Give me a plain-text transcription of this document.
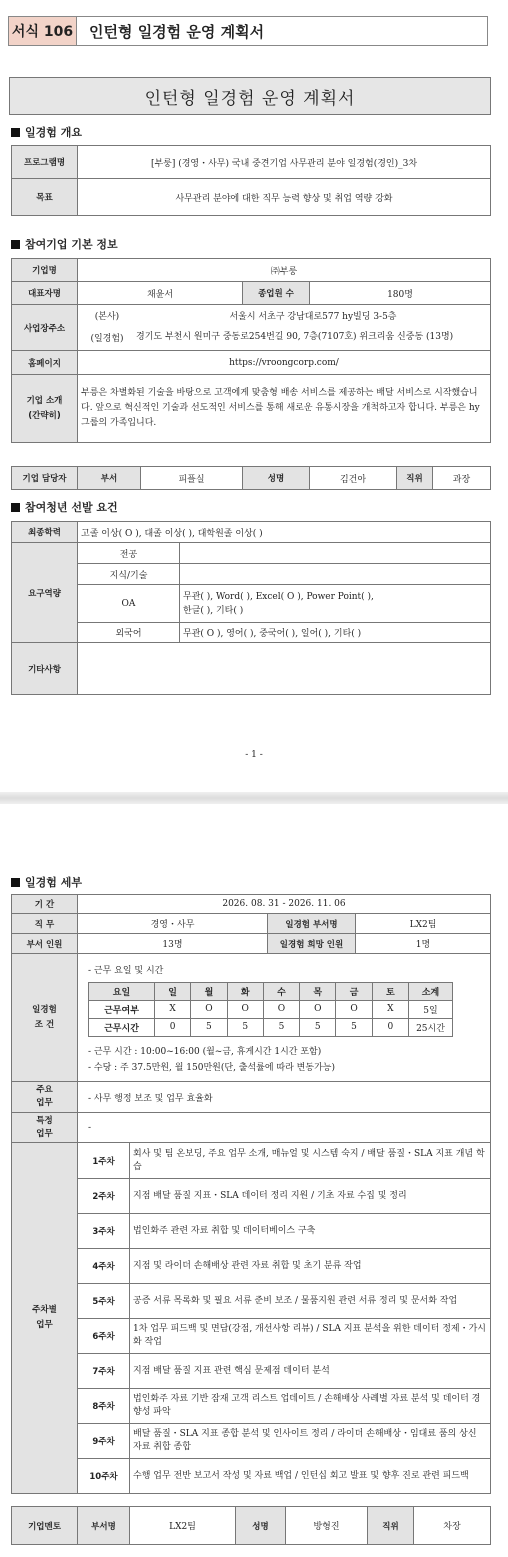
서식 106	인턴형 일경험 운영 계획서
인턴형 일경험 운영 계획서
일경험 개요
프로그램명	[부룽] (경영・사무) 국내 중견기업 사무관리 분야 일경험(경인)_3차
목표	사무관리 분야에 대한 직무 능력 향상 및 취업 역량 강화
참여기업 기본 정보
기업명	㈜부룽		
대표자명	채윤서	종업원 수	180명
사업장주소	(본사) 서울시 서초구 강남대로577 hy빌딩 3-5층
(일경험) 경기도 부천시 원미구 중동로254번길 90, 7층(7107호) 위크리움 신중동 (13명)		

홈페이지	https://vroongcorp.com/		

기업 소개
(간략히)	부릉은 차별화된 기술을 바탕으로 고객에게 맞춤형 배송 서비스를 제공하는 배달 서비스로 시작했습니다. 앞으로 혁신적인 기술과 선도적인 서비스를 통해 새로운 유통시장을 개척하고자 합니다. 부릉은 hy그룹의 가족입니다.		
기업 담당자	부서	피플실	성명	김건아	직위	과장
참여청년 선발 요건
최종학력	고졸 이상( O ), 대졸 이상( ), 대학원졸 이상( )	
요구역량	전공	
	지식/기술	
	OA	무관( ), Word( ), Excel( O ), Power Point( ),
한글( ), 기타( )

	외국어	무관( O ), 영어( ), 중국어( ), 일어( ), 기타( )
기타사항		
- 1 -
일경험 세부
기 간	2026. 08. 31 - 2026. 11. 06
직 무	경영・사무	일경험 부서명	LX2팀
부서 인원	13명	일경험 희망 인원	1명

일경험
조 건

- 근무 요일 및 시간
요일	일	월	화	수	목	금	토	소계
근무여부	X	O	O	O	O	O	X	5일
근무시간	0	5	5	5	5	5	0	25시간
- 근무 시간 : 10:00~16:00 (월~금, 휴게시간 1시간 포함)
- 수당 : 주 37.5만원, 월 150만원(단, 출석률에 따라 변동가능)

주요
업무	- 사무 행정 보조 및 업무 효율화

특정
업무
	-

주차별
업무
	1주차	회사 및 팀 온보딩, 주요 업무 소개, 매뉴얼 및 시스템 숙지 / 배달 품질・SLA 지표 개념 학습
2주차	지점 배달 품질 지표・SLA 데이터 정리 지원 / 기초 자료 수집 및 정리
3주차	법인화주 관련 자료 취합 및 데이터베이스 구축
4주차	지점 및 라이더 손해배상 관련 자료 취합 및 초기 분류 작업
5주차	공증 서류 목록화 및 필요 서류 준비 보조 / 물품지원 관련 서류 정리 및 문서화 작업
6주차	1차 업무 피드백 및 면담(강점, 개선사항 리뷰) / SLA 지표 분석을 위한 데이터 정제・가시화 작업
7주차	지점 배달 품질 지표 관련 핵심 문제점 데이터 분석
8주차	법인화주 자료 기반 잠재 고객 리스트 업데이트 / 손해배상 사례별 자료 분석 및 데이터 경향성 파악
9주차	배달 품질・SLA 지표 종합 분석 및 인사이트 정리 / 라이더 손해배상・임대료 품의 상신 자료 취합 종합
10주차	수행 업무 전반 보고서 작성 및 자료 백업 / 인턴십 회고 발표 및 향후 진로 관련 피드백
기업멘토	부서명	LX2팀	성명	방형진	직위	차장
